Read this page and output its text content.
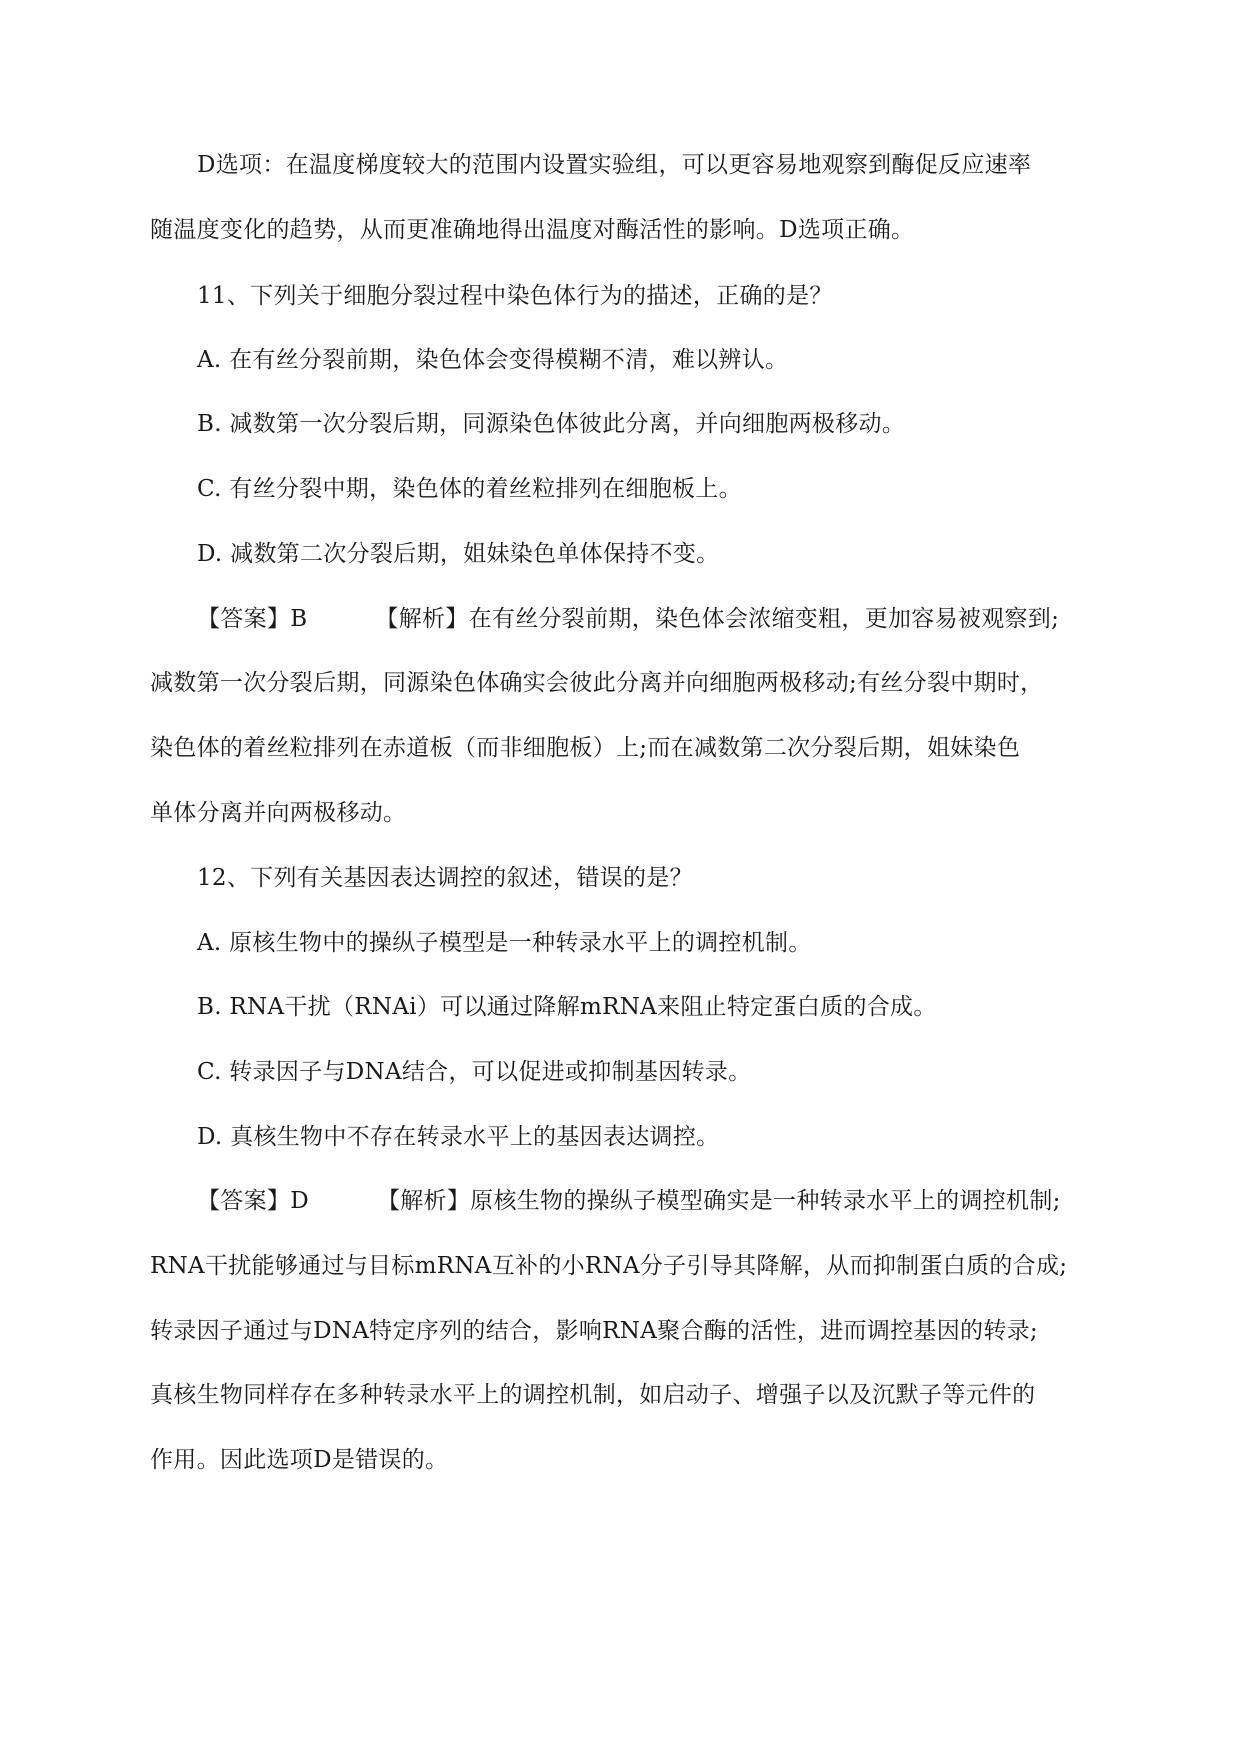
D选项：在温度梯度较大的范围内设置实验组，可以更容易地观察到酶促反应速率
随温度变化的趋势，从而更准确地得出温度对酶活性的影响。D选项正确。
11、下列关于细胞分裂过程中染色体行为的描述，正确的是？
A. 在有丝分裂前期，染色体会变得模糊不清，难以辨认。
B. 减数第一次分裂后期，同源染色体彼此分离，并向细胞两极移动。
C. 有丝分裂中期，染色体的着丝粒排列在细胞板上。
D. 减数第二次分裂后期，姐妹染色单体保持不变。
【答案】B	【解析】在有丝分裂前期，染色体会浓缩变粗，更加容易被观察到;
减数第一次分裂后期，同源染色体确实会彼此分离并向细胞两极移动;有丝分裂中期时，
染色体的着丝粒排列在赤道板（而非细胞板）上;而在减数第二次分裂后期，姐妹染色
单体分离并向两极移动。
12、下列有关基因表达调控的叙述，错误的是？
A. 原核生物中的操纵子模型是一种转录水平上的调控机制。
B. RNA干扰（RNAi）可以通过降解mRNA来阻止特定蛋白质的合成。
C. 转录因子与DNA结合，可以促进或抑制基因转录。
D. 真核生物中不存在转录水平上的基因表达调控。
【答案】D	【解析】原核生物的操纵子模型确实是一种转录水平上的调控机制;
RNA干扰能够通过与目标mRNA互补的小RNA分子引导其降解，从而抑制蛋白质的合成;
转录因子通过与DNA特定序列的结合，影响RNA聚合酶的活性，进而调控基因的转录;
真核生物同样存在多种转录水平上的调控机制，如启动子、增强子以及沉默子等元件的
作用。因此选项D是错误的。
